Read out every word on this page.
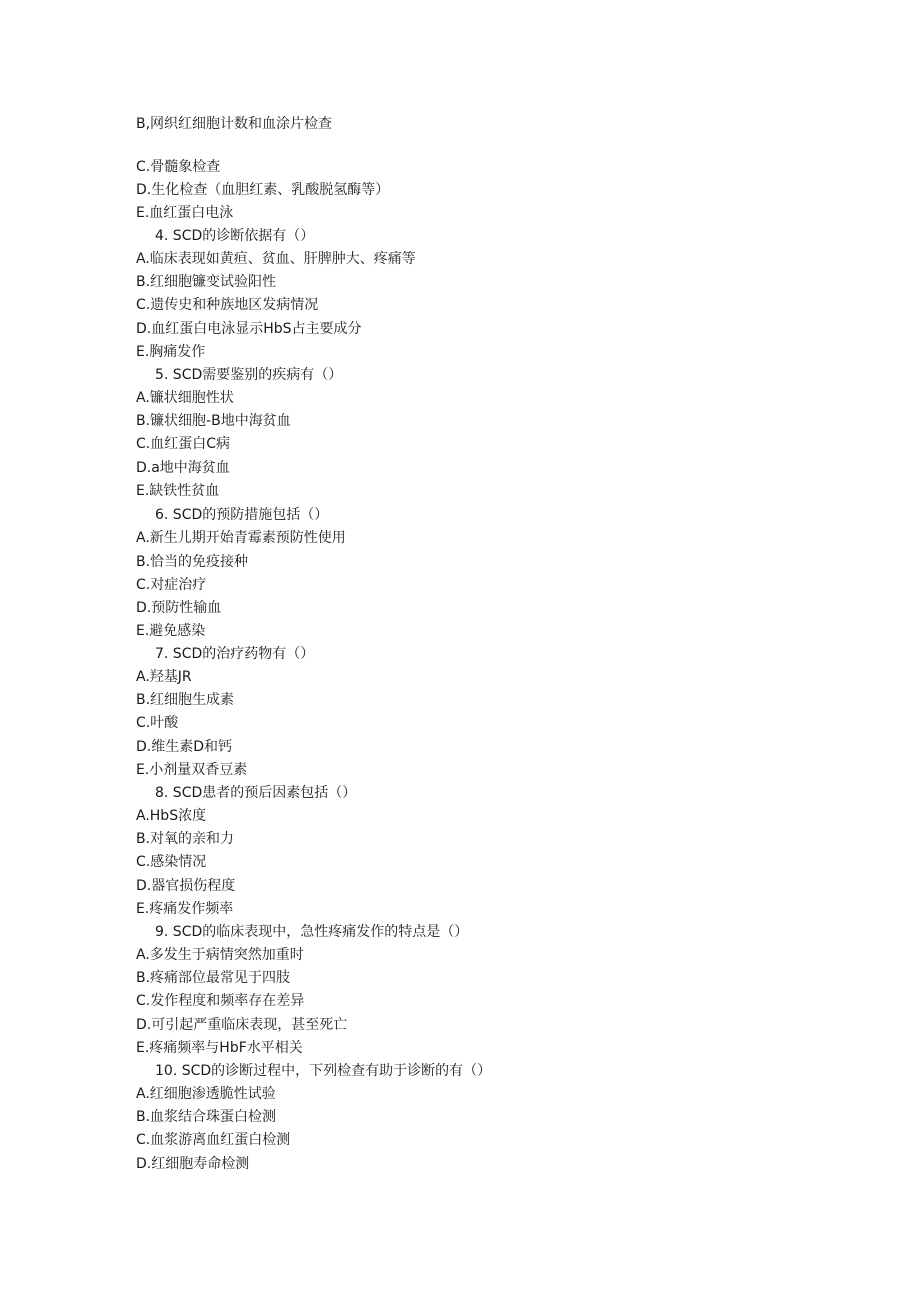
B,网织红细胞计数和血涂片检查
C.骨髓象检查
D.生化检查（血胆红素、乳酸脱氢酶等）
E.血红蛋白电泳
4. SCD的诊断依据有（）
A.临床表现如黄疸、贫血、肝脾肿大、疼痛等
B.红细胞镰变试验阳性
C.遗传史和种族地区发病情况
D.血红蛋白电泳显示HbS占主要成分
E.胸痛发作
5. SCD需要鉴别的疾病有（）
A.镰状细胞性状
B.镰状细胞-B地中海贫血
C.血红蛋白C病
D.a地中海贫血
E.缺铁性贫血
6. SCD的预防措施包括（）
A.新生儿期开始青霉素预防性使用
B.恰当的免疫接种
C.对症治疗
D.预防性输血
E.避免感染
7. SCD的治疗药物有（）
A.羟基JR
B.红细胞生成素
C.叶酸
D.维生素D和钙
E.小剂量双香豆素
8. SCD患者的预后因素包括（）
A.HbS浓度
B.对氧的亲和力
C.感染情况
D.器官损伤程度
E.疼痛发作频率
9. SCD的临床表现中，急性疼痛发作的特点是（）
A.多发生于病情突然加重时
B.疼痛部位最常见于四肢
C.发作程度和频率存在差异
D.可引起严重临床表现，甚至死亡
E.疼痛频率与HbF水平相关
10. SCD的诊断过程中，下列检查有助于诊断的有（）
A.红细胞渗透脆性试验
B.血浆结合珠蛋白检测
C.血浆游离血红蛋白检测
D.红细胞寿命检测
